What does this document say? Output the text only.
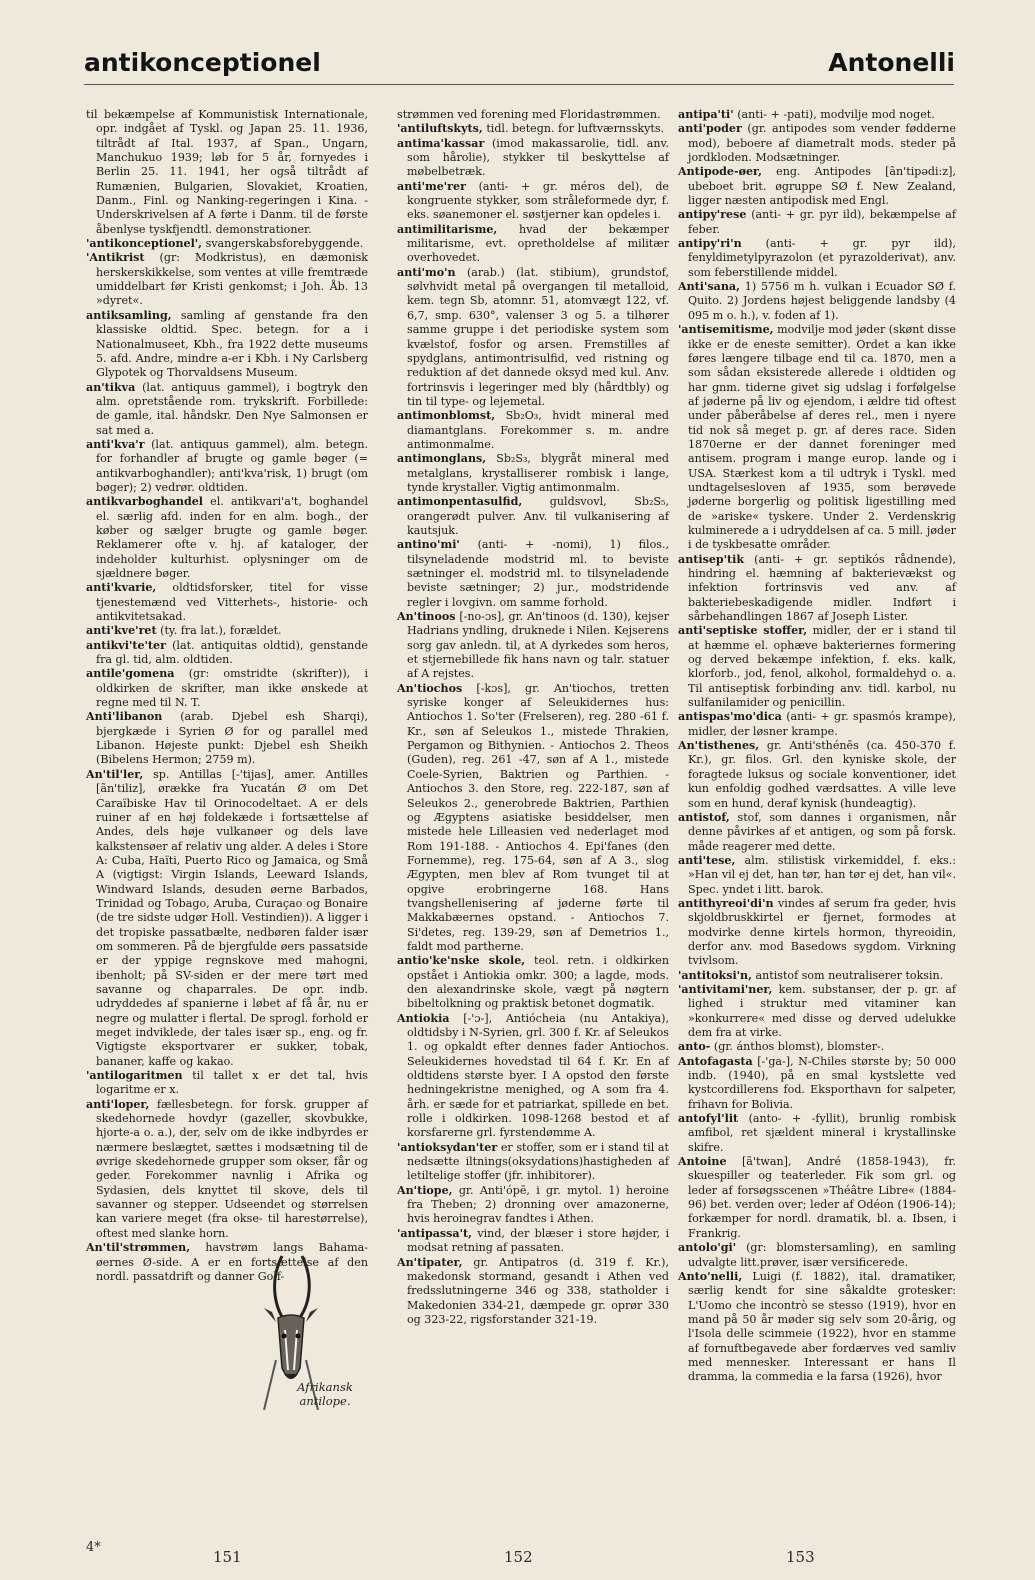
antikonceptionel	Antonelli

til bekæmpelse af Kommunistisk Internationale, opr. indgået af Tyskl. og Japan 25. 11. 1936, tiltrådt af Ital. 1937, af Span., Ungarn, Manchukuo 1939; løb for 5 år, fornyedes i Berlin 25. 11. 1941, her også tiltrådt af Rumænien, Bulgarien, Slovakiet, Kroatien, Danm., Finl. og Nanking-regeringen i Kina. - Underskrivelsen af A førte i Danm. til de første åbenlyse tyskfjendtl. demonstrationer.

'antikonceptionel', svangerskabsforebyggende.

'Antikrist (gr: Modkristus), en dæmonisk herskerskikkelse, som ventes at ville fremtræde umiddelbart før Kristi genkomst; i Joh. Åb. 13 »dyret«.

antiksamling, samling af genstande fra den klassiske oldtid. Spec. betegn. for a i Nationalmuseet, Kbh., fra 1922 dette museums 5. afd. Andre, mindre a-er i Kbh. i Ny Carlsberg Glypotek og Thorvaldsens Museum.

an'tikva (lat. antiquus gammel), i bogtryk den alm. opretstående rom. trykskrift. Forbillede: de gamle, ital. håndskr. Den Nye Salmonsen er sat med a.

anti'kva'r (lat. antiquus gammel), alm. betegn. for forhandler af brugte og gamle bøger (= antikvarboghandler); anti'kva'risk, 1) brugt (om bøger); 2) vedrør. oldtiden.

antikvarboghandel el. antikvari'a't, boghandel el. særlig afd. inden for en alm. bogh., der køber og sælger brugte og gamle bøger. Reklamerer ofte v. hj. af kataloger, der indeholder kulturhist. oplysninger om de sjældnere bøger.

anti'kvarie, oldtidsforsker, titel for visse tjenestemænd ved Vitterhets-, historie- och antikvitetsakad.

anti'kve'ret (ty. fra lat.), forældet.

antikvi'te'ter (lat. antiquitas oldtid), genstande fra gl. tid, alm. oldtiden.

antile'gomena (gr: omstridte (skrifter)), i oldkirken de skrifter, man ikke ønskede at regne med til N. T.

Anti'libanon (arab. Djebel esh Sharqi), bjergkæde i Syrien Ø for og parallel med Libanon. Højeste punkt: Djebel esh Sheikh (Bibelens Hermon; 2759 m).

An'til'ler, sp. Antillas [-'tijas], amer. Antilles [ãn'tiliz], ørække fra Yucatán Ø om Det Caraïbiske Hav til Orinocodeltaet. A er dels ruiner af en høj foldekæde i fortsættelse af Andes, dels høje vulkanøer og dels lave kalkstensøer af relativ ung alder. A deles i Store A: Cuba, Haïti, Puerto Rico og Jamaica, og Små A (vigtigst: Virgin Islands, Leeward Islands, Windward Islands, desuden øerne Barbados, Trinidad og Tobago, Aruba, Curaçao og Bonaire (de tre sidste udgør Holl. Vestindien)). A ligger i det tropiske passatbælte, nedbøren falder især om sommeren. På de bjergfulde øers passatside er der yppige regnskove med mahogni, ibenholt; på SV-siden er der mere tørt med savanne og chaparrales. De opr. indb. udryddedes af spanierne i løbet af få år, nu er negre og mulatter i flertal. De sprogl. forhold er meget indviklede, der tales især sp., eng. og fr. Vigtigste eksportvarer er sukker, tobak, bananer, kaffe og kakao.

'antilogaritmen til tallet x er det tal, hvis logaritme er x.

anti'loper, fællesbetegn. for forsk. grupper af skedehornede hovdyr (gazeller, skovbukke, hjorte-a o. a.), der, selv om de ikke indbyrdes er nærmere beslægtet, sættes i modsætning til de øvrige skedehornede grupper som okser, får og geder. Forekommer navnlig i Afrika og Sydasien, dels knyttet til skove, dels til savanner og stepper. Udseendet og størrelsen kan variere meget (fra okse- til harestørrelse), oftest med slanke horn.

An'til'strømmen, havstrøm langs Bahama-øernes Ø-side. A er en fortsættelse af den nordl. passatdrift og danner Golf-

strømmen ved forening med Floridastrømmen.

'antiluftskyts, tidl. betegn. for luftværnsskyts.

antima'kassar (imod makassarolie, tidl. anv. som hårolie), stykker til beskyttelse af møbelbetræk.

anti'me'rer (anti- + gr. méros del), de kongruente stykker, som stråleformede dyr, f. eks. søanemoner el. søstjerner kan opdeles i.

antimilitarisme, hvad der bekæmper militarisme, evt. opretholdelse af militær overhovedet.

anti'mo'n (arab.) (lat. stibium), grundstof, sølvhvidt metal på overgangen til metalloid, kem. tegn Sb, atomnr. 51, atomvægt 122, vf. 6,7, smp. 630°, valenser 3 og 5. a tilhører samme gruppe i det periodiske system som kvælstof, fosfor og arsen. Fremstilles af spydglans, antimontrisulfid, ved ristning og reduktion af det dannede oksyd med kul. Anv. fortrinsvis i legeringer med bly (hårdtbly) og tin til type- og lejemetal.

antimonblomst, Sb₂O₃, hvidt mineral med diamantglans. Forekommer s. m. andre antimonmalme.

antimonglans, Sb₂S₃, blygråt mineral med metalglans, krystalliserer rombisk i lange, tynde krystaller. Vigtig antimonmalm.

antimonpentasulfid, guldsvovl, Sb₂S₅, orangerødt pulver. Anv. til vulkanisering af kautsjuk.

antino'mi' (anti- + -nomi), 1) filos., tilsyneladende modstrid ml. to beviste sætninger el. modstrid ml. to tilsyneladende beviste sætninger; 2) jur., modstridende regler i lovgivn. om samme forhold.

An'tinoos [-no-ɔs], gr. An'tinoos (d. 130), kejser Hadrians yndling, druknede i Nilen. Kejserens sorg gav anledn. til, at A dyrkedes som heros, et stjernebillede fik hans navn og talr. statuer af A rejstes.

An'tiochos [-kɔs], gr. An'tiochos, tretten syriske konger af Seleukidernes hus: Antiochos 1. So'ter (Frelseren), reg. 280 -61 f. Kr., søn af Seleukos 1., mistede Thrakien, Pergamon og Bithynien. - Antiochos 2. Theos (Guden), reg. 261 -47, søn af A 1., mistede Coele-Syrien, Baktrien og Parthien. - Antiochos 3. den Store, reg. 222-187, søn af Seleukos 2., generobrede Baktrien, Parthien og Ægyptens asiatiske besiddelser, men mistede hele Lilleasien ved nederlaget mod Rom 191-188. - Antiochos 4. Epi'fanes (den Fornemme), reg. 175-64, søn af A 3., slog Ægypten, men blev af Rom tvunget til at opgive erobringerne 168. Hans tvangshellenisering af jøderne førte til Makkabæernes opstand. - Antiochos 7. Si'detes, reg. 139-29, søn af Demetrios 1., faldt mod partherne.

antio'ke'nske skole, teol. retn. i oldkirken opstået i Antiokia omkr. 300; a lagde, mods. den alexandrinske skole, vægt på nøgtern bibeltolkning og praktisk betonet dogmatik.

Antiokia [-'ɔ-], Antiócheia (nu Antakiya), oldtidsby i N-Syrien, grl. 300 f. Kr. af Seleukos 1. og opkaldt efter dennes fader Antiochos. Seleukidernes hovedstad til 64 f. Kr. En af oldtidens største byer. I A opstod den første hedningekristne menighed, og A som fra 4. årh. er sæde for et patriarkat, spillede en bet. rolle i oldkirken. 1098-1268 bestod et af korsfarerne grl. fyrstendømme A.

'antioksydan'ter er stoffer, som er i stand til at nedsætte iltnings(oksydations)hastigheden af letiltelige stoffer (jfr. inhibitorer).

An'tiope, gr. Anti'ópē, i gr. mytol. 1) heroine fra Theben; 2) dronning over amazonerne, hvis heroinegrav fandtes i Athen.

'antipassa't, vind, der blæser i store højder, i modsat retning af passaten.

An'tipater, gr. Antipatros (d. 319 f. Kr.), makedonsk stormand, gesandt i Athen ved fredsslutningerne 346 og 338, statholder i Makedonien 334-21, dæmpede gr. oprør 330 og 323-22, rigsforstander 321-19.

antipa'ti' (anti- + -pati), modvilje mod noget.

anti'poder (gr. antipodes som vender fødderne mod), beboere af diametralt mods. steder på jordkloden. Modsætninger.

Antipode-øer, eng. Antipodes [ãn'tipədi:z], ubeboet brit. øgruppe SØ f. New Zealand, ligger næsten antipodisk med Engl.

antipy'rese (anti- + gr. pyr ild), bekæmpelse af feber.

antipy'ri'n (anti- + gr. pyr ild), fenyldimetylpyrazolon (et pyrazolderivat), anv. som feberstillende middel.

Anti'sana, 1) 5756 m h. vulkan i Ecuador SØ f. Quito. 2) Jordens højest beliggende landsby (4 095 m o. h.), v. foden af 1).

'antisemitisme, modvilje mod jøder (skønt disse ikke er de eneste semitter). Ordet a kan ikke føres længere tilbage end til ca. 1870, men a som sådan eksisterede allerede i oldtiden og har gnm. tiderne givet sig udslag i forfølgelse af jøderne på liv og ejendom, i ældre tid oftest under påberåbelse af deres rel., men i nyere tid nok så meget p. gr. af deres race. Siden 1870erne er der dannet foreninger med antisem. program i mange europ. lande og i USA. Stærkest kom a til udtryk i Tyskl. med undtagelsesloven af 1935, som berøvede jøderne borgerlig og politisk ligestilling med de »ariske« tyskere. Under 2. Verdenskrig kulminerede a i udryddelsen af ca. 5 mill. jøder i de tyskbesatte områder.

antisep'tik (anti- + gr. septikós rådnende), hindring el. hæmning af bakterievækst og infektion fortrinsvis ved anv. af bakteriebeskadigende midler. Indført i sårbehandlingen 1867 af Joseph Lister.

anti'septiske stoffer, midler, der er i stand til at hæmme el. ophæve bakteriernes formering og derved bekæmpe infektion, f. eks. kalk, klorforb., jod, fenol, alkohol, formaldehyd o. a. Til antiseptisk forbinding anv. tidl. karbol, nu sulfanilamider og penicillin.

antispas'mo'dica (anti- + gr. spasmós krampe), midler, der løsner krampe.

An'tisthenes, gr. Anti'sthénēs (ca. 450-370 f. Kr.), gr. filos. Grl. den kyniske skole, der foragtede luksus og sociale konventioner, idet kun enfoldig godhed værdsattes. A ville leve som en hund, deraf kynisk (hundeagtig).

antistof, stof, som dannes i organismen, når denne påvirkes af et antigen, og som på forsk. måde reagerer med dette.

anti'tese, alm. stilistisk virkemiddel, f. eks.: »Han vil ej det, han tør, han tør ej det, han vil«. Spec. yndet i litt. barok.

antithyreoi'di'n vindes af serum fra geder, hvis skjoldbruskkirtel er fjernet, formodes at modvirke denne kirtels hormon, thyreoidin, derfor anv. mod Basedows sygdom. Virkning tvivlsom.

'antitoksi'n, antistof som neutraliserer toksin.

'antivitami'ner, kem. substanser, der p. gr. af lighed i struktur med vitaminer kan »konkurrere« med disse og derved udelukke dem fra at virke.

anto- (gr. ánthos blomst), blomster-.

Antofagasta [-'ga-], N-Chiles største by; 50 000 indb. (1940), på en smal kystslette ved kystcordillerens fod. Eksporthavn for salpeter, frihavn for Bolivia.

antofyl'lit (anto- + -fyllit), brunlig rombisk amfibol, ret sjældent mineral i krystallinske skifre.

Antoine [ã'twan], André (1858-1943), fr. skuespiller og teaterleder. Fik som grl. og leder af forsøgsscenen »Théâtre Libre« (1884-96) bet. verden over; leder af Odéon (1906-14); forkæmper for nordl. dramatik, bl. a. Ibsen, i Frankrig.

antolo'gi' (gr: blomstersamling), en samling udvalgte litt.prøver, især versificerede.

Anto'nelli, Luigi (f. 1882), ital. dramatiker, særlig kendt for sine såkaldte grotesker: L'Uomo che incontrò se stesso (1919), hvor en mand på 50 år møder sig selv som 20-årig, og l'Isola delle scimmeie (1922), hvor en stamme af fornuftbegavede aber fordærves ved samliv med mennesker. Interessant er hans Il dramma, la commedia e la farsa (1926), hvor

Afrikansk antilope.
4*
151	152	153
